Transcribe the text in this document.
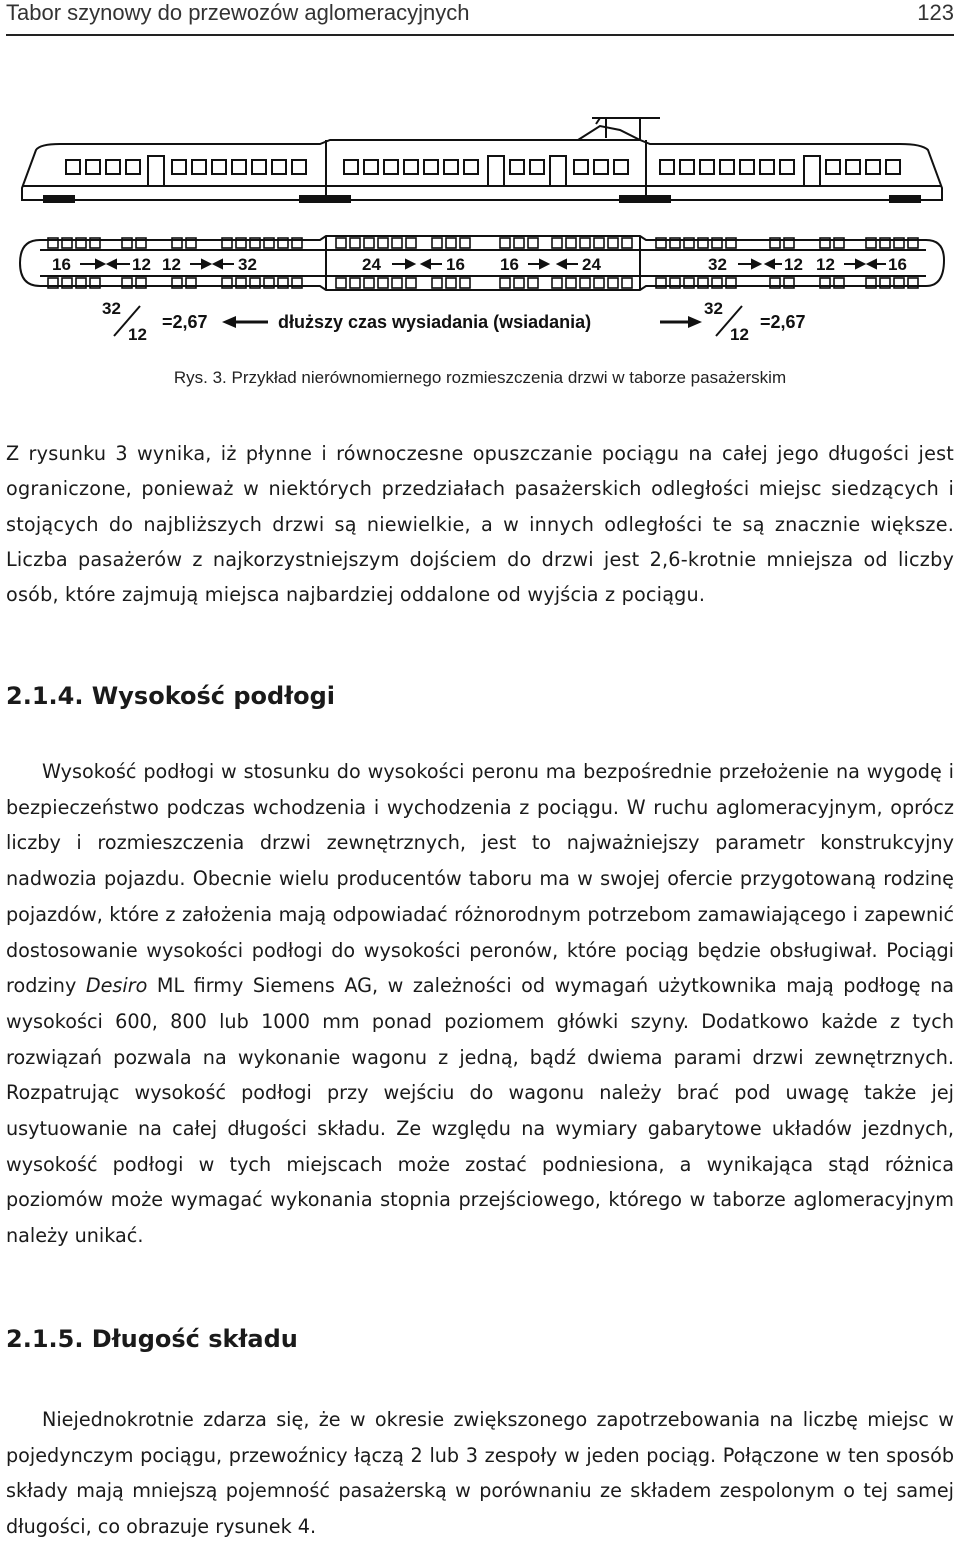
Tabor szynowy do przewozów aglomeracyjnych	123
16	12 12	32	24	16 16	24	32	12 12	16
32
12
=2,67	dłuższy czas wysiadania (wsiadania)
32
12
=2,67
Rys. 3. Przykład nierównomiernego rozmieszczenia drzwi w taborze pasażerskim

Z rysunku 3 wynika, iż płynne i równoczesne opuszczanie pociągu na całej jego długości jest ograniczone, ponieważ w niektórych przedziałach pasażerskich odległości miejsc siedzących i stojących do najbliższych drzwi są niewielkie, a w innych odległości te są znacznie większe. Liczba pasażerów z najkorzystniejszym dojściem do drzwi jest 2,6-krotnie mniejsza od liczby osób, które zajmują miejsca najbardziej oddalone od wyjścia z pociągu.

2.1.4. Wysokość podłogi

Wysokość podłogi w stosunku do wysokości peronu ma bezpośrednie przełożenie na wygodę i bezpieczeństwo podczas wchodzenia i wychodzenia z pociągu. W ruchu aglomeracyjnym, oprócz liczby i rozmieszczenia drzwi zewnętrznych, jest to najważniejszy parametr konstrukcyjny nadwozia pojazdu. Obecnie wielu producentów taboru ma w swojej ofercie przygotowaną rodzinę pojazdów, które z założenia mają odpowiadać różnorodnym potrzebom zamawiającego i zapewnić dostosowanie wysokości podłogi do wysokości peronów, które pociąg będzie obsługiwał. Pociągi rodziny Desiro ML firmy Siemens AG, w zależności od wymagań użytkownika mają podłogę na wysokości 600, 800 lub 1000 mm ponad poziomem główki szyny. Dodatkowo każde z tych rozwiązań pozwala na wykonanie wagonu z jedną, bądź dwiema parami drzwi zewnętrznych. Rozpatrując wysokość podłogi przy wejściu do wagonu należy brać pod uwagę także jej usytuowanie na całej długości składu. Ze względu na wymiary gabarytowe układów jezdnych, wysokość podłogi w tych miejscach może zostać podniesiona, a wynikająca stąd różnica poziomów może wymagać wykonania stopnia przejściowego, którego w taborze aglomeracyjnym należy unikać.

2.1.5. Długość składu

Niejednokrotnie zdarza się, że w okresie zwiększonego zapotrzebowania na liczbę miejsc w pojedynczym pociągu, przewoźnicy łączą 2 lub 3 zespoły w jeden pociąg. Połączone w ten sposób składy mają mniejszą pojemność pasażerską w porównaniu ze składem zespolonym o tej samej długości, co obrazuje rysunek 4.
